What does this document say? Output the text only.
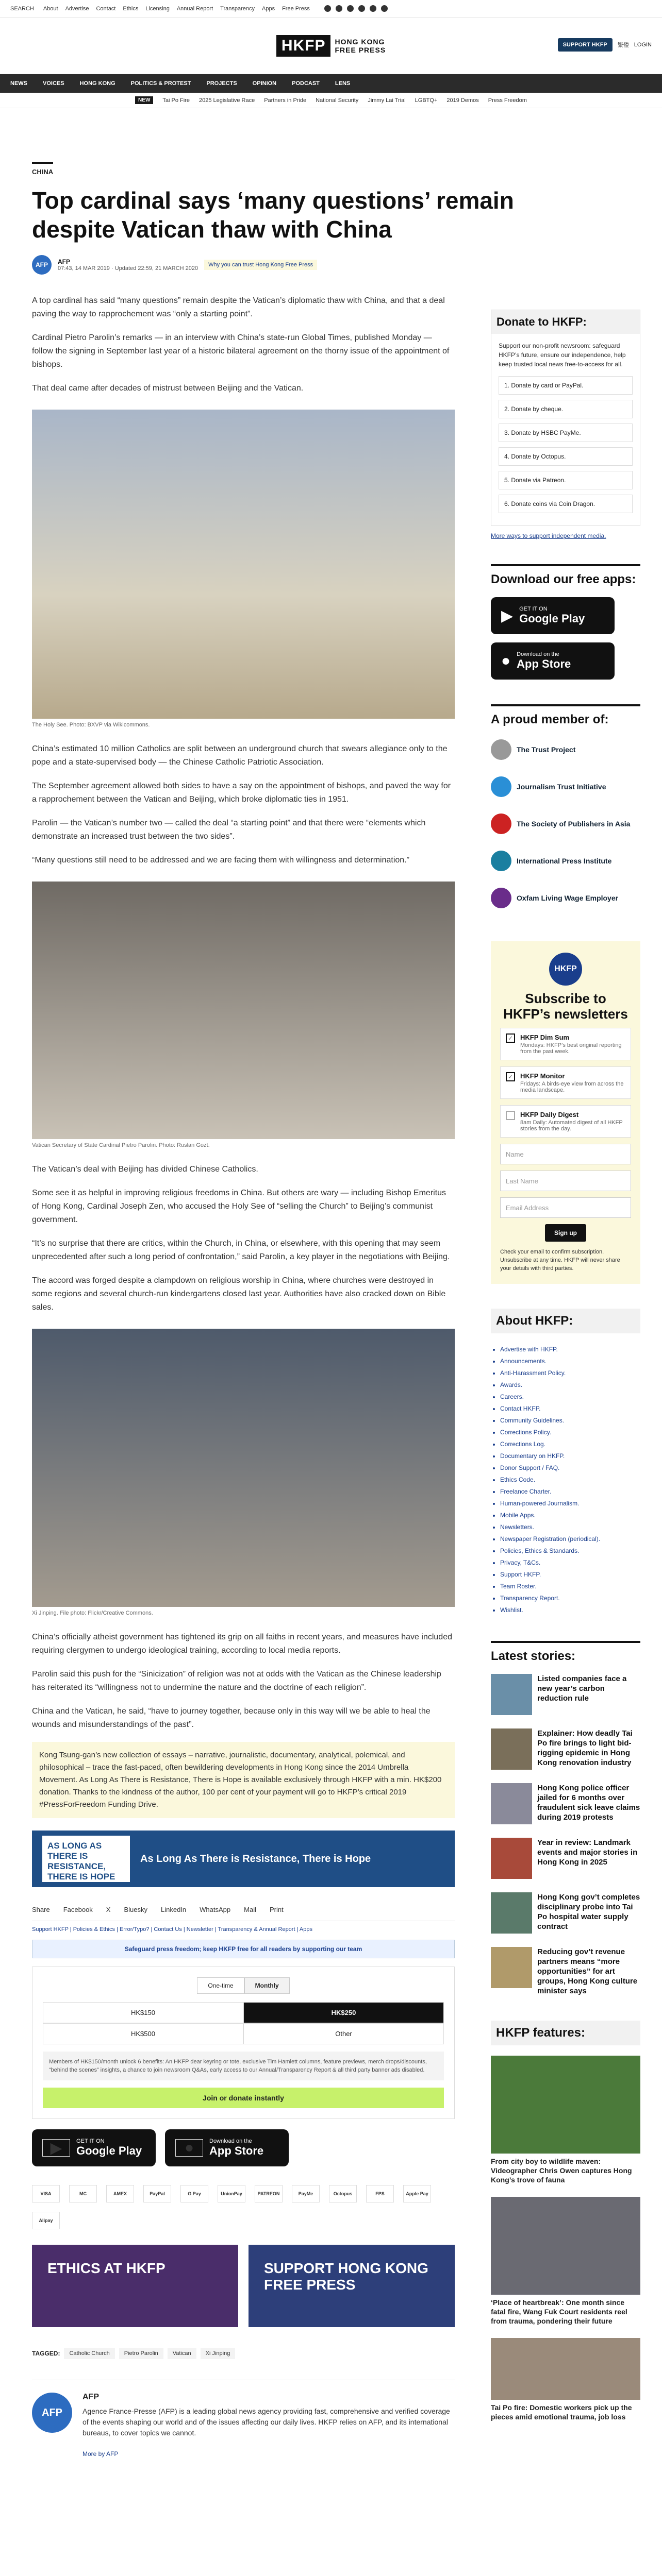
SEARCH About Advertise Contact Ethics Licensing Annual Report Transparency Apps Free Press
HKFP	HONG KONG
FREE PRESS
SUPPORT HKFP	繁體 LOGIN
NEWS	VOICES	HONG KONG	POLITICS & PROTEST	PROJECTS	OPINION	PODCAST	LENS
NEW	Tai Po Fire 2025 Legislative Race Partners in Pride National Security Jimmy Lai Trial LGBTQ+ 2019 Demos Press Freedom
CHINA
Top cardinal says ‘many questions’ remain despite Vatican thaw with China
AFP	AFP
07:43, 14 MAR 2019 · Updated 22:59, 21 MARCH 2020
Why you can trust Hong Kong Free Press

A top cardinal has said “many questions” remain despite the Vatican’s diplomatic thaw with China, and that a deal paving the way to rapprochement was “only a starting point”.

Cardinal Pietro Parolin’s remarks — in an interview with China’s state-run Global Times, published Monday — follow the signing in September last year of a historic bilateral agreement on the thorny issue of the appointment of bishops.

That deal came after decades of mistrust between Beijing and the Vatican.

The Holy See. Photo: BXVP via Wikicommons.

China’s estimated 10 million Catholics are split between an underground church that swears allegiance only to the pope and a state-supervised body — the Chinese Catholic Patriotic Association.

The September agreement allowed both sides to have a say on the appointment of bishops, and paved the way for a rapprochement between the Vatican and Beijing, which broke diplomatic ties in 1951.

Parolin — the Vatican’s number two — called the deal “a starting point” and that there were “elements which demonstrate an increased trust between the two sides”.

“Many questions still need to be addressed and we are facing them with willingness and determination.”

Vatican Secretary of State Cardinal Pietro Parolin. Photo: Ruslan Gozt.

The Vatican’s deal with Beijing has divided Chinese Catholics.

Some see it as helpful in improving religious freedoms in China. But others are wary — including Bishop Emeritus of Hong Kong, Cardinal Joseph Zen, who accused the Holy See of “selling the Church” to Beijing’s communist government.

“It’s no surprise that there are critics, within the Church, in China, or elsewhere, with this opening that may seem unprecedented after such a long period of confrontation,” said Parolin, a key player in the negotiations with Beijing.

The accord was forged despite a clampdown on religious worship in China, where churches were destroyed in some regions and several church-run kindergartens closed last year. Authorities have also cracked down on Bible sales.

Xi Jinping. File photo: Flickr/Creative Commons.

China’s officially atheist government has tightened its grip on all faiths in recent years, and measures have included requiring clergymen to undergo ideological training, according to local media reports.

Parolin said this push for the “Sinicization” of religion was not at odds with the Vatican as the Chinese leadership has reiterated its “willingness not to undermine the nature and the doctrine of each religion”.

China and the Vatican, he said, “have to journey together, because only in this way will we be able to heal the wounds and misunderstandings of the past”.

Kong Tsung-gan’s new collection of essays – narrative, journalistic, documentary, analytical, polemical, and philosophical – trace the fast-paced, often bewildering developments in Hong Kong since the 2014 Umbrella Movement. As Long As There is Resistance, There is Hope is available exclusively through HKFP with a min. HK$200 donation. Thanks to the kindness of the author, 100 per cent of your payment will go to HKFP’s critical 2019 #PressForFreedom Funding Drive.
AS LONG AS THERE IS RESISTANCE, THERE IS HOPE
As Long As There is Resistance, There is Hope
Share Facebook X Bluesky LinkedIn WhatsApp Mail Print
Support HKFP | Policies & Ethics | Error/Typo? | Contact Us | Newsletter | Transparency & Annual Report | Apps
Safeguard press freedom; keep HKFP free for all readers by supporting our team
One-time	Monthly
HK$150	HK$250
HK$500	Other
Members of HK$150/month unlock 6 benefits: An HKFP dear keyring or tote, exclusive Tim Hamlett columns, feature previews, merch drops/discounts, “behind the scenes” insights, a chance to join newsroom Q&As, early access to our Annual/Transparency Report & all third party banner ads disabled.
Join or donate instantly
▶	GET IT ON
Google Play	●	Download on the
App Store
VISA	MC	AMEX	PayPal	G Pay	UnionPay	PATREON	PayMe	Octopus	FPS	Apple Pay
Alipay
ETHICS AT HKFP	SUPPORT HONG KONG FREE PRESS
TAGGED:	Catholic Church	Pietro Parolin	Vatican	Xi Jinping
AFP
AFP

Agence France-Presse (AFP) is a leading global news agency providing fast, comprehensive and verified coverage of the events shaping our world and of the issues affecting our daily lives. HKFP relies on AFP, and its international bureaus, to cover topics we cannot.

More by AFP

Donate to HKFP:
Support our non-profit newsroom: safeguard HKFP’s future, ensure our independence, help keep trusted local news free-to-access for all.
1. Donate by card or PayPal.
2. Donate by cheque.
3. Donate by HSBC PayMe.
4. Donate by Octopus.
5. Donate via Patreon.
6. Donate coins via Coin Dragon.
More ways to support independent media.
Download our free apps:
▶ GET IT ON
Google Play
● Download on the
App Store
A proud member of:
The Trust Project
Journalism Trust Initiative
The Society of Publishers in Asia
International Press Institute
Oxfam Living Wage Employer
HKFP
Subscribe to HKFP’s newsletters
✓	HKFP Dim Sum
Mondays: HKFP’s best original reporting from the past week.
✓	HKFP Monitor
Fridays: A birds-eye view from across the media landscape.
HKFP Daily Digest
8am Daily: Automated digest of all HKFP stories from the day.
Name
Last Name
Email Address
Sign up
Check your email to confirm subscription. Unsubscribe at any time. HKFP will never share your details with third parties.
About HKFP:
• Advertise with HKFP.
• Announcements.
• Anti-Harassment Policy.
• Awards.
• Careers.
• Contact HKFP.
• Community Guidelines.
• Corrections Policy.
• Corrections Log.
• Documentary on HKFP.
• Donor Support / FAQ.
• Ethics Code.
• Freelance Charter.
• Human-powered Journalism.
• Mobile Apps.
• Newsletters.
• Newspaper Registration (periodical).
• Policies, Ethics & Standards.
• Privacy, T&Cs.
• Support HKFP.
• Team Roster.
• Transparency Report.
• Wishlist.
Latest stories:
Listed companies face a new year’s carbon reduction rule
Explainer: How deadly Tai Po fire brings to light bid-rigging epidemic in Hong Kong renovation industry
Hong Kong police officer jailed for 6 months over fraudulent sick leave claims during 2019 protests
Year in review: Landmark events and major stories in Hong Kong in 2025
Hong Kong gov’t completes disciplinary probe into Tai Po hospital water supply contract
Reducing gov’t revenue partners means “more opportunities” for art groups, Hong Kong culture minister says
HKFP features:
From city boy to wildlife maven: Videographer Chris Owen captures Hong Kong’s trove of fauna
‘Place of heartbreak’: One month since fatal fire, Wang Fuk Court residents reel from trauma, pondering their future
Tai Po fire: Domestic workers pick up the pieces amid emotional trauma, job loss
